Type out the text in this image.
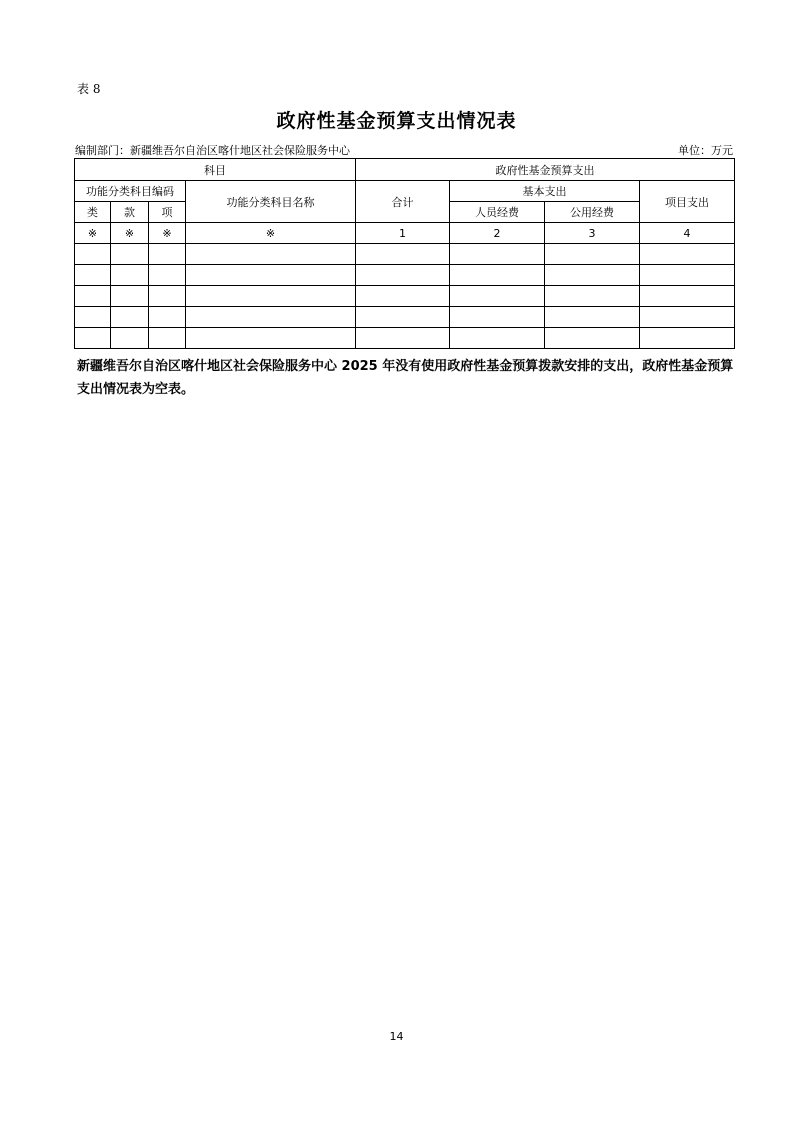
表 8
政府性基金预算支出情况表
编制部门：新疆维吾尔自治区喀什地区社会保险服务中心	单位：万元
科目				政府性基金预算支出			
功能分类科目编码			功能分类科目名称	合计	基本支出		项目支出
类	款	项			人员经费	公用经费	
※	※	※	※	1	2	3	4

新疆维吾尔自治区喀什地区社会保险服务中心 2025 年没有使用政府性基金预算拨款安排的支出，政府性基金预算支出情况表为空表。
14
